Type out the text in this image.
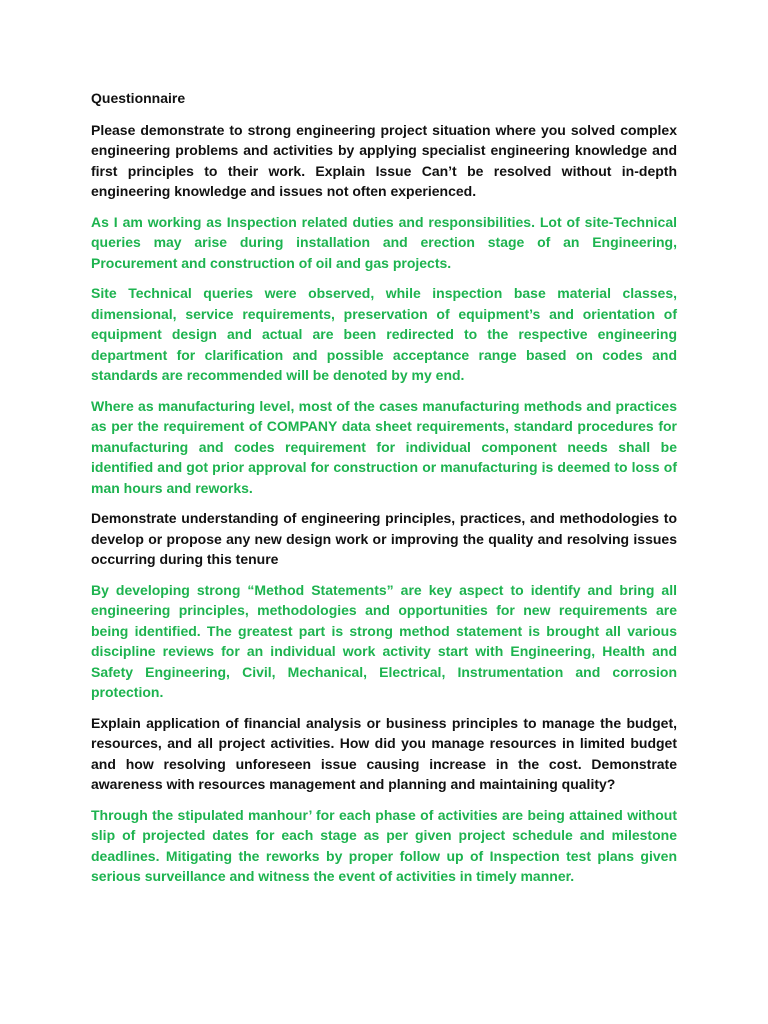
Questionnaire

Please demonstrate to strong engineering project situation where you solved complex engineering problems and activities by applying specialist engineering knowledge and first principles to their work. Explain Issue Can’t be resolved without in-depth engineering knowledge and issues not often experienced.

As I am working as Inspection related duties and responsibilities. Lot of site-Technical queries may arise during installation and erection stage of an Engineering, Procurement and construction of oil and gas projects.

Site Technical queries were observed, while inspection base material classes, dimensional, service requirements, preservation of equipment’s and orientation of equipment design and actual are been redirected to the respective engineering department for clarification and possible acceptance range based on codes and standards are recommended will be denoted by my end.

Where as manufacturing level, most of the cases manufacturing methods and practices as per the requirement of COMPANY data sheet requirements, standard procedures for manufacturing and codes requirement for individual component needs shall be identified and got prior approval for construction or manufacturing is deemed to loss of man hours and reworks.

Demonstrate understanding of engineering principles, practices, and methodologies to develop or propose any new design work or improving the quality and resolving issues occurring during this tenure

By developing strong “Method Statements” are key aspect to identify and bring all engineering principles, methodologies and opportunities for new requirements are being identified. The greatest part is strong method statement is brought all various discipline reviews for an individual work activity start with Engineering, Health and Safety Engineering, Civil, Mechanical, Electrical, Instrumentation and corrosion protection.

Explain application of financial analysis or business principles to manage the budget, resources, and all project activities. How did you manage resources in limited budget and how resolving unforeseen issue causing increase in the cost. Demonstrate awareness with resources management and planning and maintaining quality?

Through the stipulated manhour’ for each phase of activities are being attained without slip of projected dates for each stage as per given project schedule and milestone deadlines. Mitigating the reworks by proper follow up of Inspection test plans given serious surveillance and witness the event of activities in timely manner.
